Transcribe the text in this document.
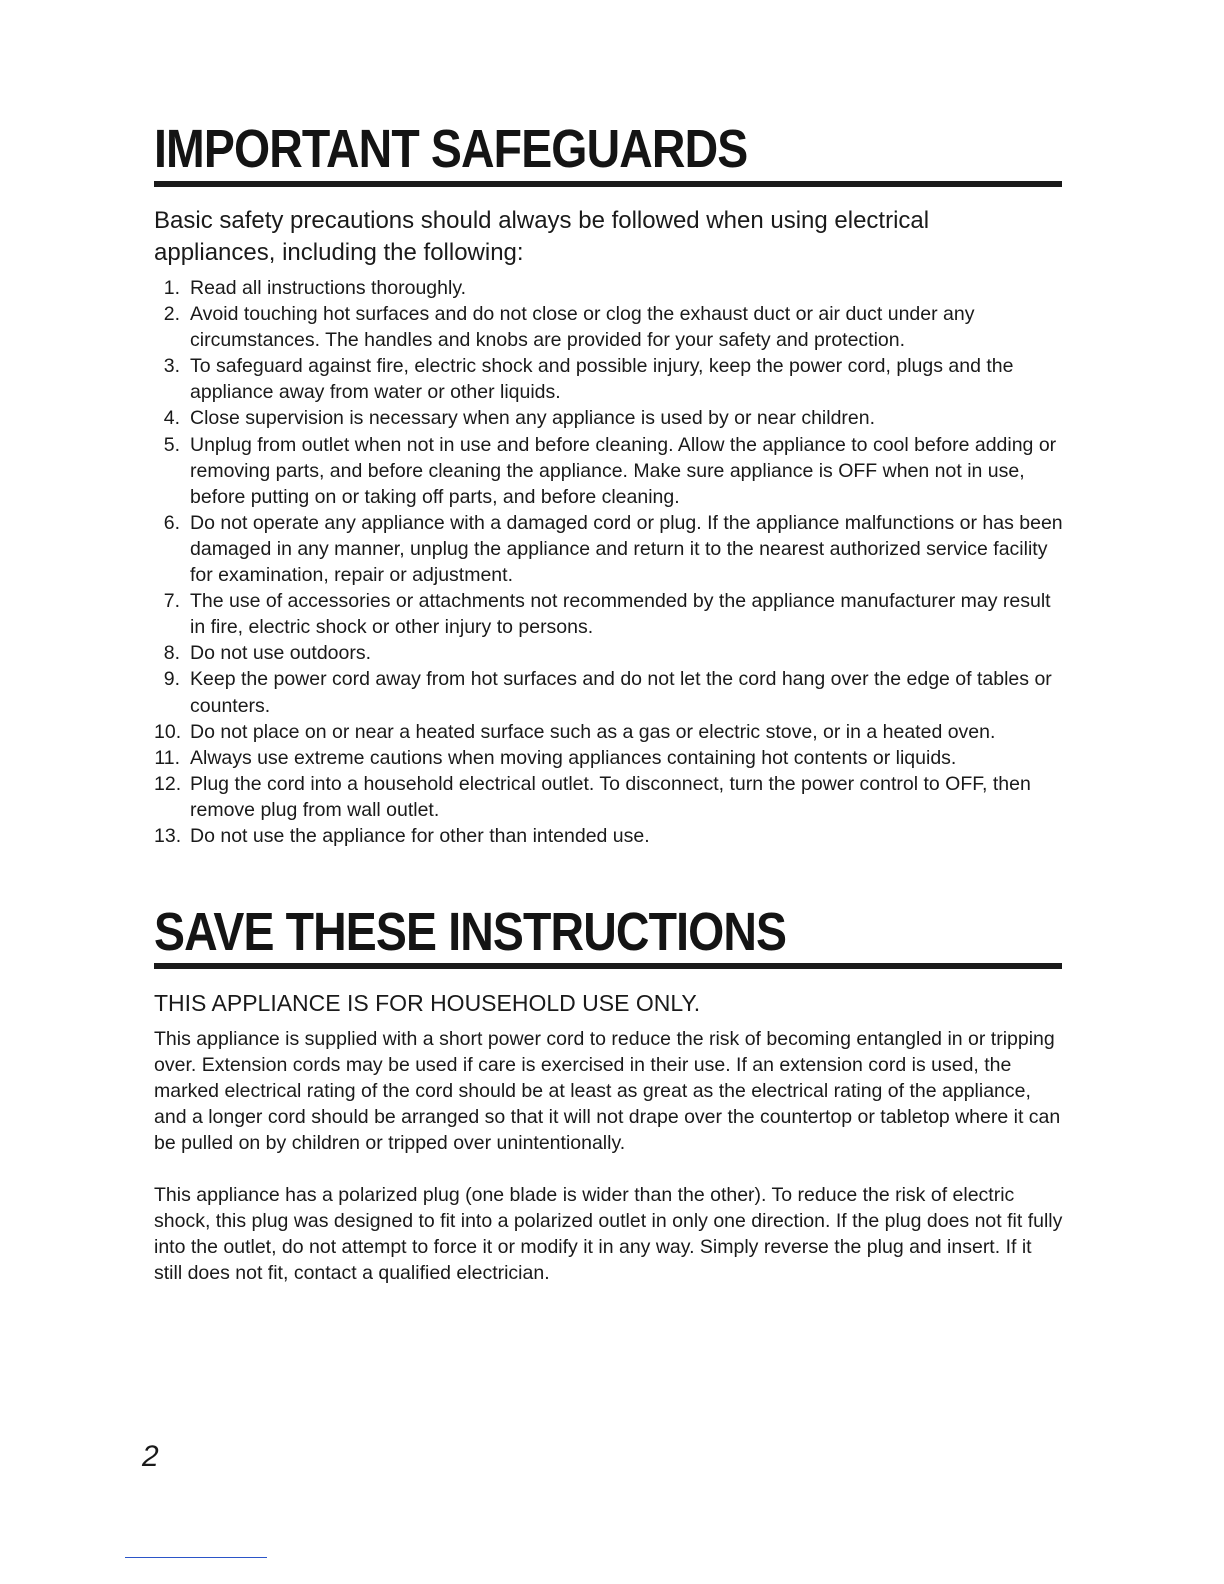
IMPORTANT SAFEGUARDS

Basic safety precautions should always be followed when using electrical appliances, including the following:

1. Read all instructions thoroughly.
2. Avoid touching hot surfaces and do not close or clog the exhaust duct or air duct under any circumstances. The handles and knobs are provided for your safety and protection.
3. To safeguard against fire, electric shock and possible injury, keep the power cord, plugs and the appliance away from water or other liquids.
4. Close supervision is necessary when any appliance is used by or near children.
5. Unplug from outlet when not in use and before cleaning. Allow the appliance to cool before adding or removing parts, and before cleaning the appliance. Make sure appliance is OFF when not in use, before putting on or taking off parts, and before cleaning.
6. Do not operate any appliance with a damaged cord or plug. If the appliance malfunctions or has been damaged in any manner, unplug the appliance and return it to the nearest authorized service facility for examination, repair or adjustment.
7. The use of accessories or attachments not recommended by the appliance manufacturer may result in fire, electric shock or other injury to persons.
8. Do not use outdoors.
9. Keep the power cord away from hot surfaces and do not let the cord hang over the edge of tables or counters.
10. Do not place on or near a heated surface such as a gas or electric stove, or in a heated oven.
11. Always use extreme cautions when moving appliances containing hot contents or liquids.
12. Plug the cord into a household electrical outlet. To disconnect, turn the power control to OFF, then remove plug from wall outlet.
13. Do not use the appliance for other than intended use.
SAVE THESE INSTRUCTIONS

THIS APPLIANCE IS FOR HOUSEHOLD USE ONLY.

This appliance is supplied with a short power cord to reduce the risk of becoming entangled in or tripping over. Extension cords may be used if care is exercised in their use. If an extension cord is used, the marked electrical rating of the cord should be at least as great as the electrical rating of the appliance, and a longer cord should be arranged so that it will not drape over the countertop or tabletop where it can be pulled on by children or tripped over unintentionally.

This appliance has a polarized plug (one blade is wider than the other). To reduce the risk of electric shock, this plug was designed to fit into a polarized outlet in only one direction. If the plug does not fit fully into the outlet, do not attempt to force it or modify it in any way. Simply reverse the plug and insert. If it still does not fit, contact a qualified electrician.

2
